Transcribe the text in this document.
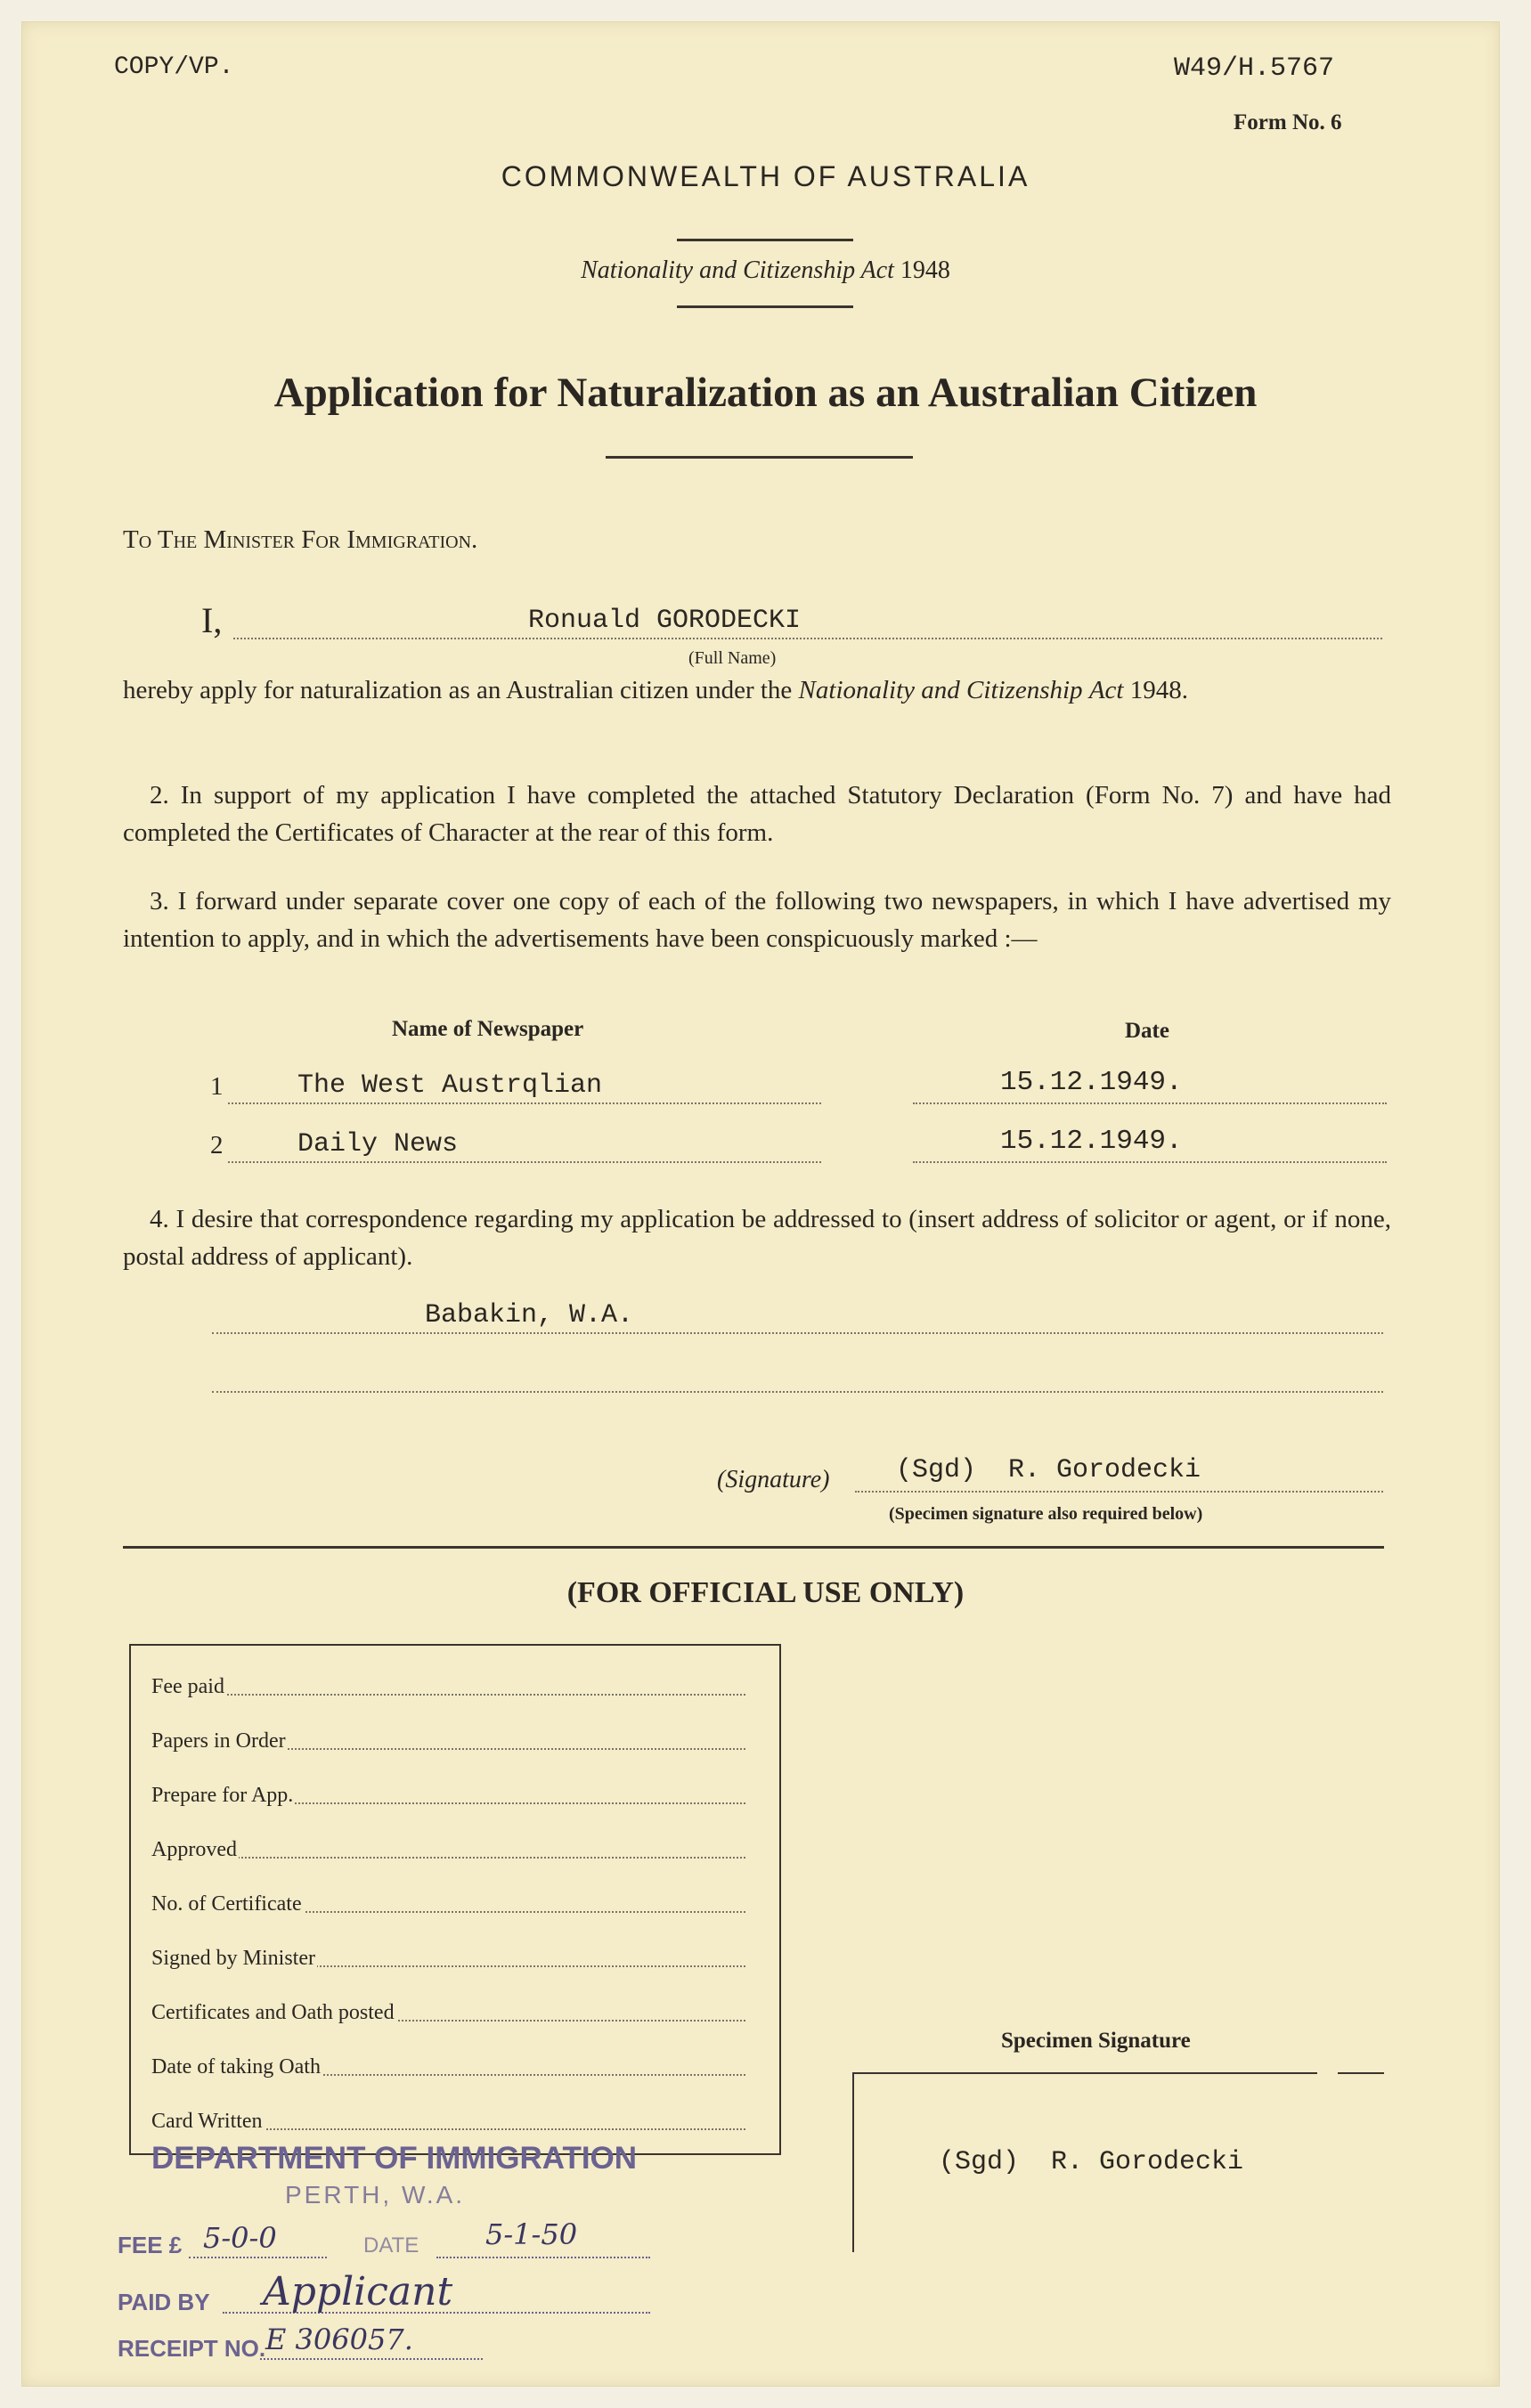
COPY/VP.	W49/H.5767
Form No. 6
COMMONWEALTH OF AUSTRALIA
Nationality and Citizenship Act 1948
Application for Naturalization as an Australian Citizen
To The Minister For Immigration.
I,	Ronuald GORODECKI
(Full Name)
hereby apply for naturalization as an Australian citizen under the Nationality and Citizenship Act 1948.
2. In support of my application I have completed the attached Statutory Declaration (Form No. 7) and have had completed the Certificates of Character at the rear of this form.
3. I forward under separate cover one copy of each of the following two newspapers, in which I have advertised my intention to apply, and in which the advertisements have been conspicuously marked :—
Name of Newspaper	Date
1	The West Austrqlian	15.12.1949.
2	Daily News	15.12.1949.
4. I desire that correspondence regarding my application be addressed to (insert address of solicitor or agent, or if none, postal address of applicant).
Babakin, W.A.
(Signature) (Sgd)  R. Gorodecki
(Specimen signature also required below)
(FOR OFFICIAL USE ONLY)
Fee paid
Papers in Order
Prepare for App.
Approved
No. of Certificate
Signed by Minister
Certificates and Oath posted
Date of taking Oath
Card Written
Specimen Signature
(Sgd)  R. Gorodecki
DEPARTMENT OF IMMIGRATION
PERTH, W.A.
FEE £ 5-0-0	DATE 5-1-50
PAID BY Applicant
RECEIPT NO. E 306057.
